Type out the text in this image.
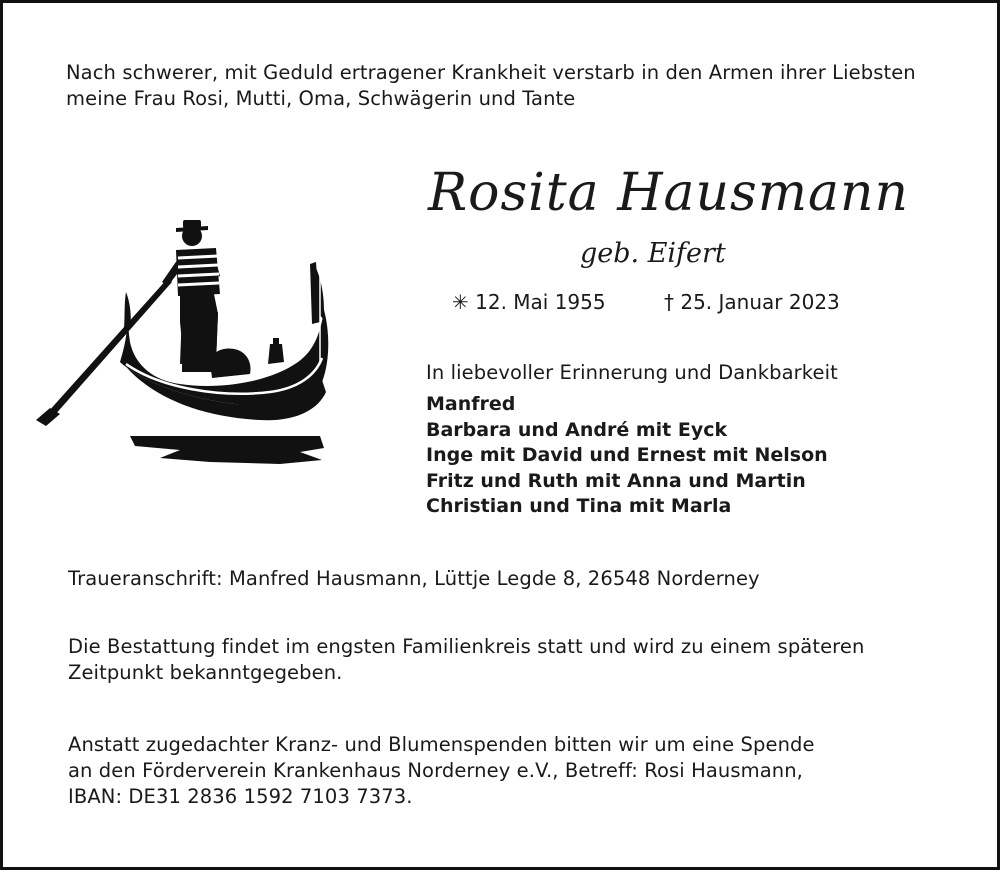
Nach schwerer, mit Geduld ertragener Krankheit verstarb in den Armen ihrer Liebsten
meine Frau Rosi, Mutti, Oma, Schwägerin und Tante
Rosita Hausmann
geb. Eifert
✳ 12. Mai 1955	† 25. Januar 2023
In liebevoller Erinnerung und Dankbarkeit
Manfred
Barbara und André mit Eyck
Inge mit David und Ernest mit Nelson
Fritz und Ruth mit Anna und Martin
Christian und Tina mit Marla
Traueranschrift: Manfred Hausmann, Lüttje Legde 8, 26548 Norderney
Die Bestattung findet im engsten Familienkreis statt und wird zu einem späteren
Zeitpunkt bekanntgegeben.
Anstatt zugedachter Kranz- und Blumenspenden bitten wir um eine Spende
an den Förderverein Krankenhaus Norderney e.V., Betreff: Rosi Hausmann,
IBAN: DE31 2836 1592 7103 7373.
